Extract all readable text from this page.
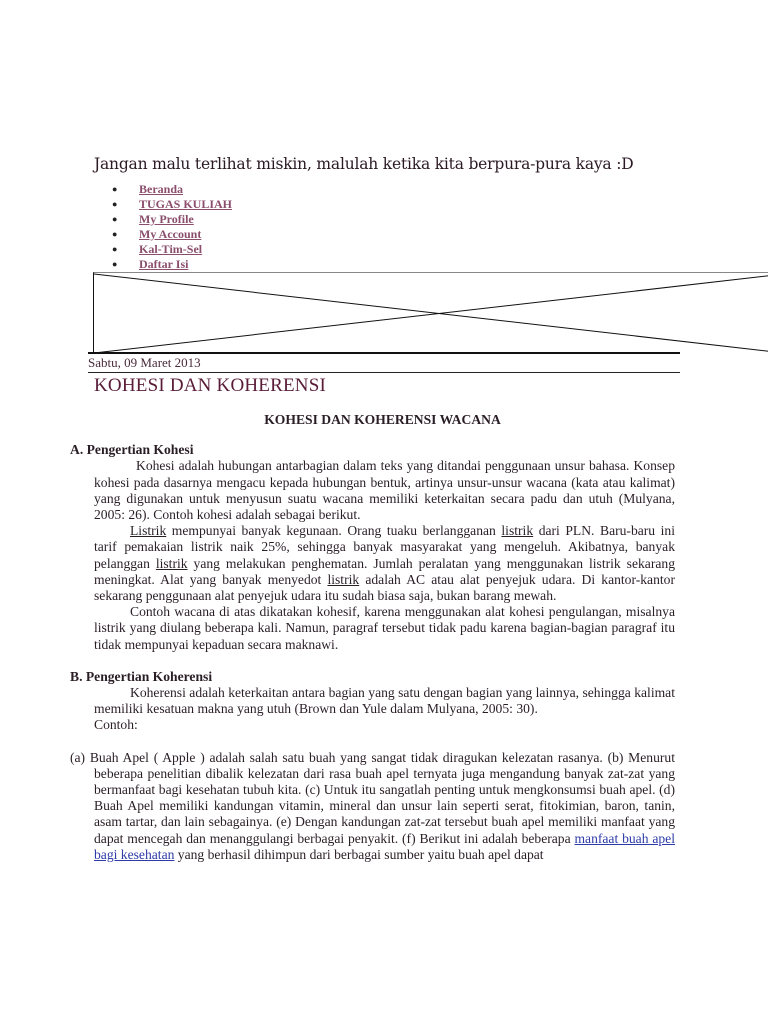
Jangan malu terlihat miskin, malulah ketika kita berpura-pura kaya :D
● Beranda
● TUGAS KULIAH
● My Profile
● My Account
● Kal-Tim-Sel
● Daftar Isi
Sabtu, 09 Maret 2013
KOHESI DAN KOHERENSI

KOHESI DAN KOHERENSI WACANA

A. Pengertian Kohesi

Kohesi adalah hubungan antarbagian dalam teks yang ditandai penggunaan unsur bahasa. Konsep kohesi pada dasarnya mengacu kepada hubungan bentuk, artinya unsur-unsur wacana (kata atau kalimat) yang digunakan untuk menyusun suatu wacana memiliki keterkaitan secara padu dan utuh (Mulyana, 2005: 26). Contoh kohesi adalah sebagai berikut.

Listrik mempunyai banyak kegunaan. Orang tuaku berlangganan listrik dari PLN. Baru-baru ini tarif pemakaian listrik naik 25%, sehingga banyak masyarakat yang mengeluh. Akibatnya, banyak pelanggan listrik yang melakukan penghematan. Jumlah peralatan yang menggunakan listrik sekarang meningkat. Alat yang banyak menyedot listrik adalah AC atau alat penyejuk udara. Di kantor-kantor sekarang penggunaan alat penyejuk udara itu sudah biasa saja, bukan barang mewah.

Contoh wacana di atas dikatakan kohesif, karena menggunakan alat kohesi pengulangan, misalnya listrik yang diulang beberapa kali. Namun, paragraf tersebut tidak padu karena bagian-bagian paragraf itu tidak mempunyai kepaduan secara maknawi.

B. Pengertian Koherensi

Koherensi adalah keterkaitan antara bagian yang satu dengan bagian yang lainnya, sehingga kalimat memiliki kesatuan makna yang utuh (Brown dan Yule dalam Mulyana, 2005: 30).

Contoh:

(a) Buah Apel ( Apple ) adalah salah satu buah yang sangat tidak diragukan kelezatan rasanya. (b) Menurut beberapa penelitian dibalik kelezatan dari rasa buah apel ternyata juga mengandung banyak zat-zat yang bermanfaat bagi kesehatan tubuh kita. (c) Untuk itu sangatlah penting untuk mengkonsumsi buah apel. (d) Buah Apel memiliki kandungan vitamin, mineral dan unsur lain seperti serat, fitokimian, baron, tanin, asam tartar, dan lain sebagainya. (e) Dengan kandungan zat-zat tersebut buah apel memiliki manfaat yang dapat mencegah dan menanggulangi berbagai penyakit. (f) Berikut ini adalah beberapa manfaat buah apel bagi kesehatan yang berhasil dihimpun dari berbagai sumber yaitu buah apel dapat
